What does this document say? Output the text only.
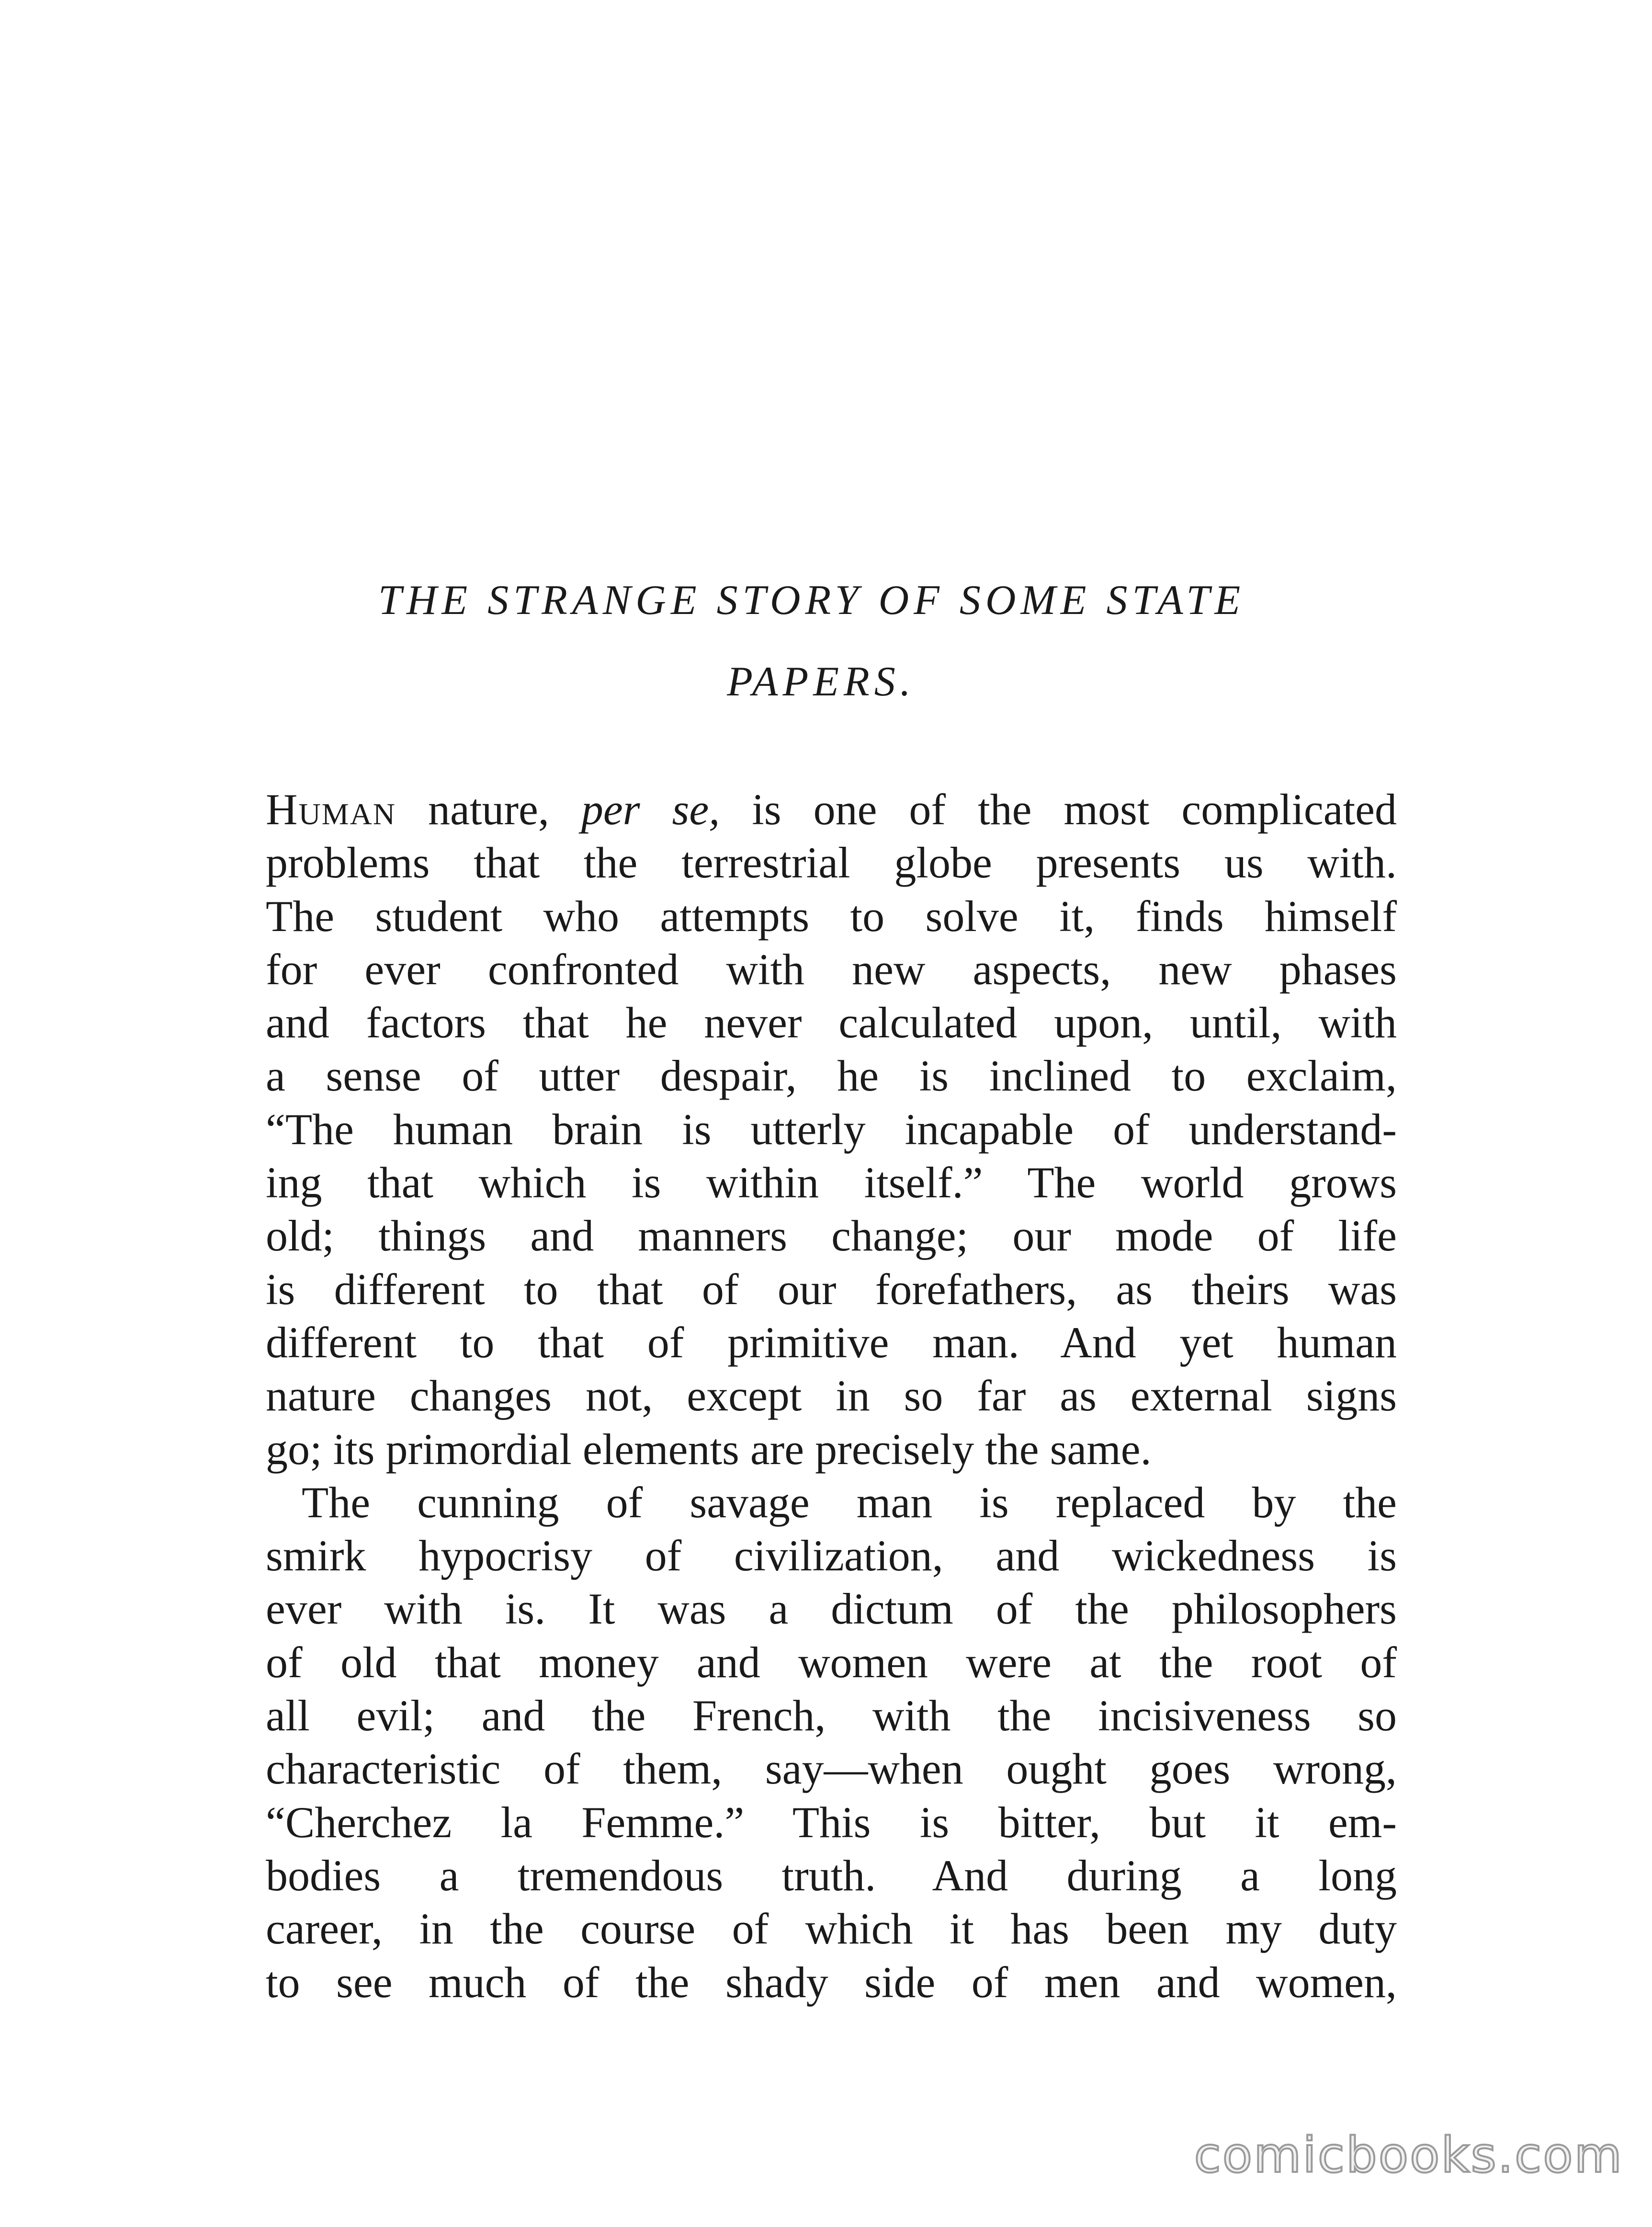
THE STRANGE STORY OF SOME STATE
PAPERS.
Human nature, per se, is one of the most complicated
problems that the terrestrial globe presents us with.
The student who attempts to solve it, finds himself
for ever confronted with new aspects, new phases
and factors that he never calculated upon, until, with
a sense of utter despair, he is inclined to exclaim,
“The human brain is utterly incapable of understand-
ing that which is within itself.” The world grows
old; things and manners change; our mode of life
is different to that of our forefathers, as theirs was
different to that of primitive man. And yet human
nature changes not, except in so far as external signs
go; its primordial elements are precisely the same.
The cunning of savage man is replaced by the
smirk hypocrisy of civilization, and wickedness is
ever with is. It was a dictum of the philosophers
of old that money and women were at the root of
all evil; and the French, with the incisiveness so
characteristic of them, say—when ought goes wrong,
“Cherchez la Femme.” This is bitter, but it em-
bodies a tremendous truth. And during a long
career, in the course of which it has been my duty
to see much of the shady side of men and women,
comicbooks.com
